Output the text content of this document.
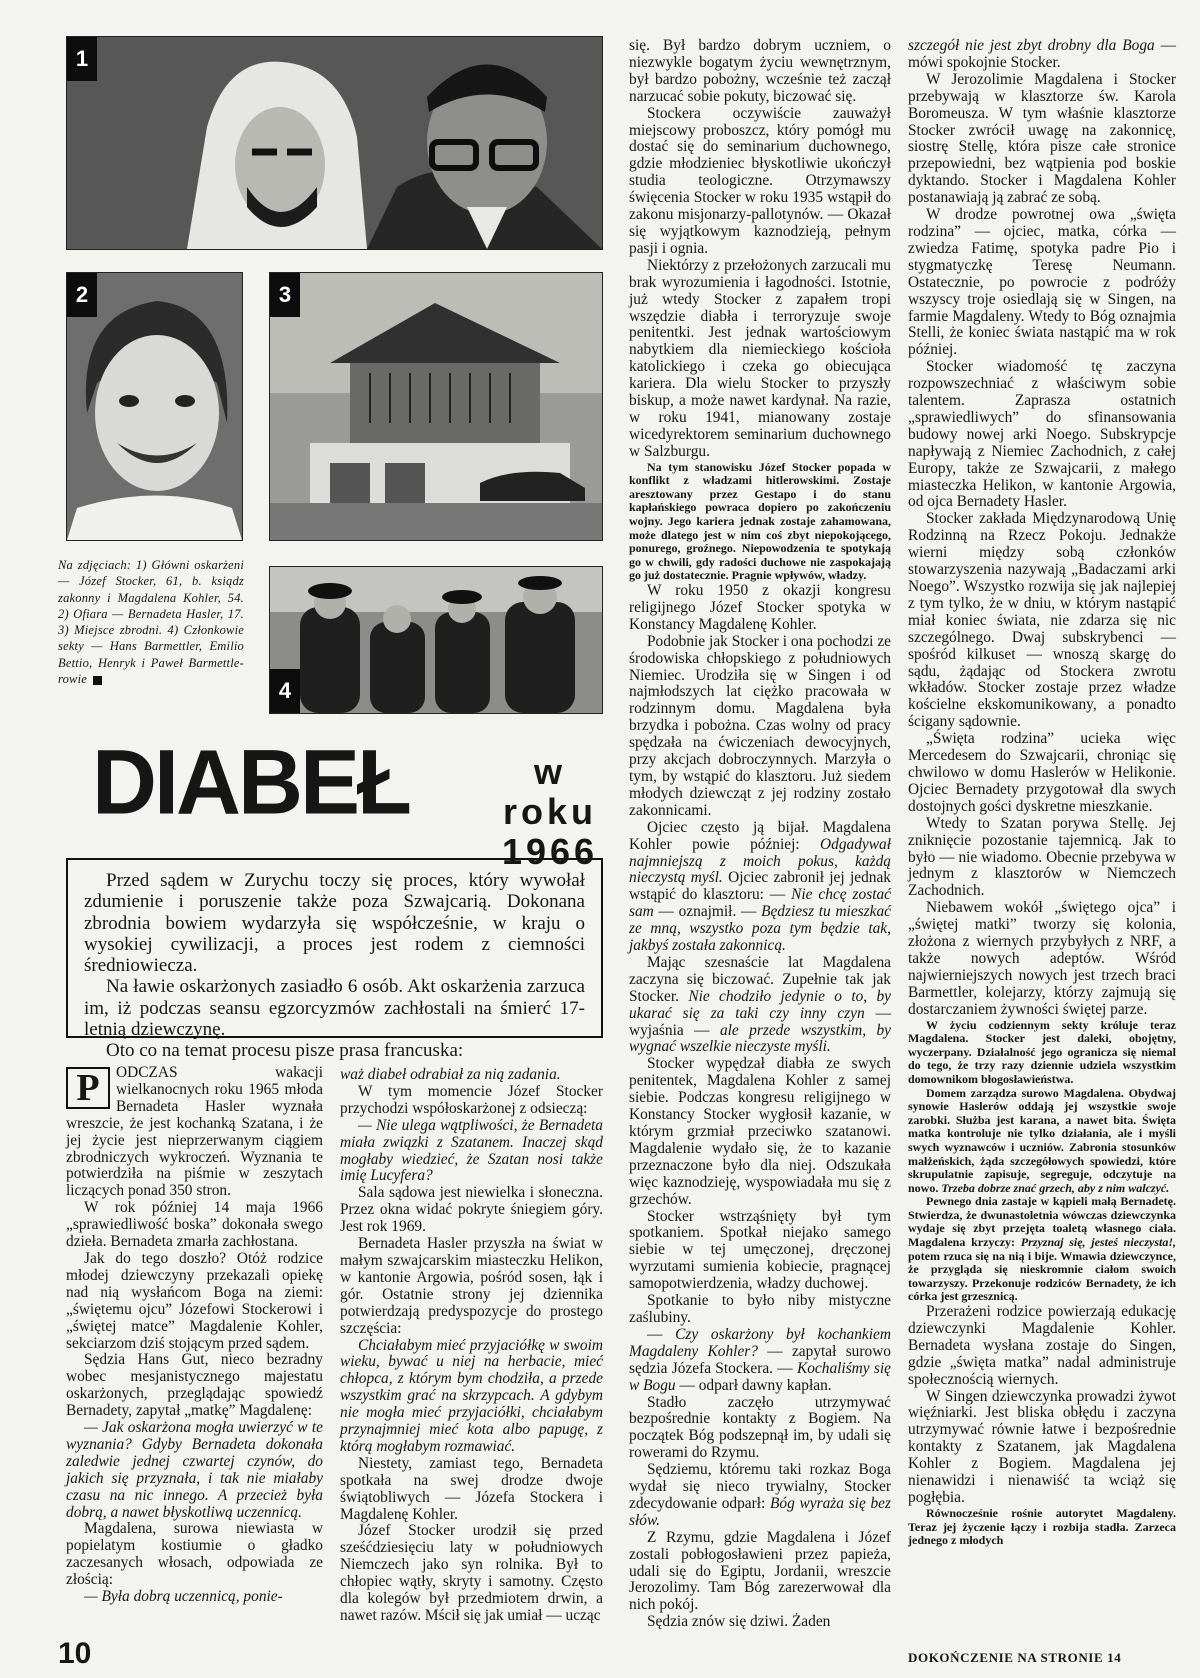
1
2	3
4
Na zdjęciach: 1) Główni oskarżeni — Józef Stocker, 61, b. ksiądz zakonny i Magdalena Kohler, 54. 2) Ofiara — Bernadeta Hasler, 17. 3) Miejsce zbrodni. 4) Członkowie sekty — Hans Barmettler, Emilio Bettio, Henryk i Paweł Barmettle-rowie
DIABEŁ	w roku
1966

Przed sądem w Zurychu toczy się proces, który wywołał zdumienie i poruszenie także poza Szwajcarią. Dokonana zbrodnia bowiem wydarzyła się współcześnie, w kraju o wysokiej cywilizacji, a proces jest rodem z ciemności średniowiecza.

Na ławie oskarżonych zasiadło 6 osób. Akt oskarżenia zarzuca im, iż podczas seansu egzorcyzmów zachłostali na śmierć 17-letnią dziewczynę.

Oto co na temat procesu pisze prasa francuska:

P	ODCZAS wakacji wielkanocnych roku 1965 młoda Bernadeta Hasler wyznała wreszcie, że jest kochanką Szatana, i że jej życie jest nieprzerwanym ciągiem zbrodniczych wykroczeń. Wyznania te potwierdziła na piśmie w zeszytach liczących ponad 350 stron.

W rok później 14 maja 1966 „sprawiedliwość boska” dokonała swego dzieła. Bernadeta zmarła zachłostana.

Jak do tego doszło? Otóż rodzice młodej dziewczyny przekazali opiekę nad nią wysłańcom Boga na ziemi: „świętemu ojcu” Józefowi Stockerowi i „świętej matce” Magdalenie Kohler, sekciarzom dziś stojącym przed sądem.

Sędzia Hans Gut, nieco bezradny wobec mesjanistycznego majestatu oskarżonych, przeglądając spowiedź Bernadety, zapytał „matkę” Magdalenę:

— Jak oskarżona mogła uwierzyć w te wyznania? Gdyby Bernadeta dokonała zaledwie jednej czwartej czynów, do jakich się przyznała, i tak nie miałaby czasu na nic innego. A przecież była dobrą, a nawet błyskotliwą uczennicą.

Magdalena, surowa niewiasta w popielatym kostiumie o gładko zaczesanych włosach, odpowiada ze złością:

— Była dobrą uczennicą, ponie-

waż diabeł odrabiał za nią zadania.

W tym momencie Józef Stocker przychodzi współoskarżonej z odsieczą:

— Nie ulega wątpliwości, że Bernadeta miała związki z Szatanem. Inaczej skąd mogłaby wiedzieć, że Szatan nosi także imię Lucyfera?

Sala sądowa jest niewielka i słoneczna. Przez okna widać pokryte śniegiem góry. Jest rok 1969.

Bernadeta Hasler przyszła na świat w małym szwajcarskim miasteczku Helikon, w kantonie Argowia, pośród sosen, łąk i gór. Ostatnie strony jej dziennika potwierdzają predyspozycje do prostego szczęścia:

Chciałabym mieć przyjaciółkę w swoim wieku, bywać u niej na herbacie, mieć chłopca, z którym bym chodziła, a przede wszystkim grać na skrzypcach. A gdybym nie mogła mieć przyjaciółki, chciałabym przynajmniej mieć kota albo papugę, z którą mogłabym rozmawiać.

Niestety, zamiast tego, Bernadeta spotkała na swej drodze dwoje świątobliwych — Józefa Stockera i Magdalenę Kohler.

Józef Stocker urodził się przed sześćdziesięciu laty w południowych Niemczech jako syn rolnika. Był to chłopiec wątły, skryty i samotny. Często dla kolegów był przedmiotem drwin, a nawet razów. Mścił się jak umiał — ucząc

się. Był bardzo dobrym uczniem, o niezwykle bogatym życiu wewnętrznym, był bardzo pobożny, wcześnie też zaczął narzucać sobie pokuty, biczować się.

Stockera oczywiście zauważył miejscowy proboszcz, który pomógł mu dostać się do seminarium duchownego, gdzie młodzieniec błyskotliwie ukończył studia teologiczne. Otrzymawszy święcenia Stocker w roku 1935 wstąpił do zakonu misjonarzy-pallotynów. — Okazał się wyjątkowym kaznodzieją, pełnym pasji i ognia.

Niektórzy z przełożonych zarzucali mu brak wyrozumienia i łagodności. Istotnie, już wtedy Stocker z zapałem tropi wszędzie diabła i terroryzuje swoje penitentki. Jest jednak wartościowym nabytkiem dla niemieckiego kościoła katolickiego i czeka go obiecująca kariera. Dla wielu Stocker to przyszły biskup, a może nawet kardynał. Na razie, w roku 1941, mianowany zostaje wicedyrektorem seminarium duchownego w Salzburgu.

Na tym stanowisku Józef Stocker popada w konflikt z władzami hitlerowskimi. Zostaje aresztowany przez Gestapo i do stanu kapłańskiego powraca dopiero po zakończeniu wojny. Jego kariera jednak zostaje zahamowana, może dlatego jest w nim coś zbyt niepokojącego, ponurego, groźnego. Niepowodzenia te spotykają go w chwili, gdy radości duchowe nie zaspokajają go już dostatecznie. Pragnie wpływów, władzy.

W roku 1950 z okazji kongresu religijnego Józef Stocker spotyka w Konstancy Magdalenę Kohler.

Podobnie jak Stocker i ona pochodzi ze środowiska chłopskiego z południowych Niemiec. Urodziła się w Singen i od najmłodszych lat ciężko pracowała w rodzinnym domu. Magdalena była brzydka i pobożna. Czas wolny od pracy spędzała na ćwiczeniach dewocyjnych, przy akcjach dobroczynnych. Marzyła o tym, by wstąpić do klasztoru. Już siedem młodych dziewcząt z jej rodziny zostało zakonnicami.

Ojciec często ją bijał. Magdalena Kohler powie później: Odgadywał najmniejszą z moich pokus, każdą nieczystą myśl. Ojciec zabronił jej jednak wstąpić do klasztoru: — Nie chcę zostać sam — oznajmił. — Będziesz tu mieszkać ze mną, wszystko poza tym będzie tak, jakbyś została zakonnicą.

Mając szesnaście lat Magdalena zaczyna się biczować. Zupełnie tak jak Stocker. Nie chodziło jedynie o to, by ukarać się za taki czy inny czyn — wyjaśnia — ale przede wszystkim, by wygnać wszelkie nieczyste myśli.

Stocker wypędzał diabła ze swych penitentek, Magdalena Kohler z samej siebie. Podczas kongresu religijnego w Konstancy Stocker wygłosił kazanie, w którym grzmiał przeciwko szatanowi. Magdalenie wydało się, że to kazanie przeznaczone było dla niej. Odszukała więc kaznodzieję, wyspowiadała mu się z grzechów.

Stocker wstrząśnięty był tym spotkaniem. Spotkał niejako samego siebie w tej umęczonej, dręczonej wyrzutami sumienia kobiecie, pragnącej samopotwierdzenia, władzy duchowej.

Spotkanie to było niby mistyczne zaślubiny.

— Czy oskarżony był kochankiem Magdaleny Kohler? — zapytał surowo sędzia Józefa Stockera. — Kochaliśmy się w Bogu — odparł dawny kapłan.

Stadło zaczęło utrzymywać bezpośrednie kontakty z Bogiem. Na początek Bóg podszepnął im, by udali się rowerami do Rzymu.

Sędziemu, któremu taki rozkaz Boga wydał się nieco trywialny, Stocker zdecydowanie odparł: Bóg wyraża się bez słów.

Z Rzymu, gdzie Magdalena i Józef zostali pobłogosławieni przez papieża, udali się do Egiptu, Jordanii, wreszcie Jerozolimy. Tam Bóg zarezerwował dla nich pokój.

Sędzia znów się dziwi. Żaden

szczegół nie jest zbyt drobny dla Boga — mówi spokojnie Stocker.

W Jerozolimie Magdalena i Stocker przebywają w klasztorze św. Karola Boromeusza. W tym właśnie klasztorze Stocker zwrócił uwagę na zakonnicę, siostrę Stellę, która pisze całe stronice przepowiedni, bez wątpienia pod boskie dyktando. Stocker i Magdalena Kohler postanawiają ją zabrać ze sobą.

W drodze powrotnej owa „święta rodzina” — ojciec, matka, córka — zwiedza Fatimę, spotyka padre Pio i stygmatyczkę Teresę Neumann. Ostatecznie, po powrocie z podróży wszyscy troje osiedlają się w Singen, na farmie Magdaleny. Wtedy to Bóg oznajmia Stelli, że koniec świata nastąpić ma w rok później.

Stocker wiadomość tę zaczyna rozpowszechniać z właściwym sobie talentem. Zaprasza ostatnich „sprawiedliwych” do sfinansowania budowy nowej arki Noego. Subskrypcje napływają z Niemiec Zachodnich, z całej Europy, także ze Szwajcarii, z małego miasteczka Helikon, w kantonie Argowia, od ojca Bernadety Hasler.

Stocker zakłada Międzynarodową Unię Rodzinną na Rzecz Pokoju. Jednakże wierni między sobą członków stowarzyszenia nazywają „Badaczami arki Noego”. Wszystko rozwija się jak najlepiej z tym tylko, że w dniu, w którym nastąpić miał koniec świata, nie zdarza się nic szczególnego. Dwaj subskrybenci — spośród kilkuset — wnoszą skargę do sądu, żądając od Stockera zwrotu wkładów. Stocker zostaje przez władze kościelne ekskomunikowany, a ponadto ścigany sądownie.

„Święta rodzina” ucieka więc Mercedesem do Szwajcarii, chroniąc się chwilowo w domu Haslerów w Helikonie. Ojciec Bernadety przygotował dla swych dostojnych gości dyskretne mieszkanie.

Wtedy to Szatan porywa Stellę. Jej zniknięcie pozostanie tajemnicą. Jak to było — nie wiadomo. Obecnie przebywa w jednym z klasztorów w Niemczech Zachodnich.

Niebawem wokół „świętego ojca” i „świętej matki” tworzy się kolonia, złożona z wiernych przybyłych z NRF, a także nowych adeptów. Wśród najwierniejszych nowych jest trzech braci Barmettler, kolejarzy, którzy zajmują się dostarczaniem żywności świętej parze.

W życiu codziennym sekty króluje teraz Magdalena. Stocker jest daleki, obojętny, wyczerpany. Działalność jego ogranicza się niemal do tego, że trzy razy dziennie udziela wszystkim domownikom błogosławieństwa.

Domem zarządza surowo Magdalena. Obydwaj synowie Haslerów oddają jej wszystkie swoje zarobki. Służba jest karana, a nawet bita. Święta matka kontroluje nie tylko działania, ale i myśli swych wyznawców i uczniów. Zabronia stosunków małżeńskich, żąda szczegółowych spowiedzi, które skrupulatnie zapisuje, segreguje, odczytuje na nowo. Trzeba dobrze znać grzech, aby z nim walczyć.

Pewnego dnia zastaje w kąpieli małą Bernadetę. Stwierdza, że dwunastoletnia wówczas dziewczynka wydaje się zbyt przejęta toaletą własnego ciała. Magdalena krzyczy: Przyznaj się, jesteś nieczysta!, potem rzuca się na nią i bije. Wmawia dziewczynce, że przygląda się nieskromnie ciałom swoich towarzyszy. Przekonuje rodziców Bernadety, że ich córka jest grzesznicą.

Przerażeni rodzice powierzają edukację dziewczynki Magdalenie Kohler. Bernadeta wysłana zostaje do Singen, gdzie „święta matka” nadal administruje społecznością wiernych.

W Singen dziewczynka prowadzi żywot więźniarki. Jest bliska obłędu i zaczyna utrzymywać równie łatwe i bezpośrednie kontakty z Szatanem, jak Magdalena Kohler z Bogiem. Magdalena jej nienawidzi i nienawiść ta wciąż się pogłębia.

Równocześnie rośnie autorytet Magdaleny. Teraz jej życzenie łączy i rozbija stadła. Zarzeca jednego z młodych

10	DOKOŃCZENIE NA STRONIE 14
